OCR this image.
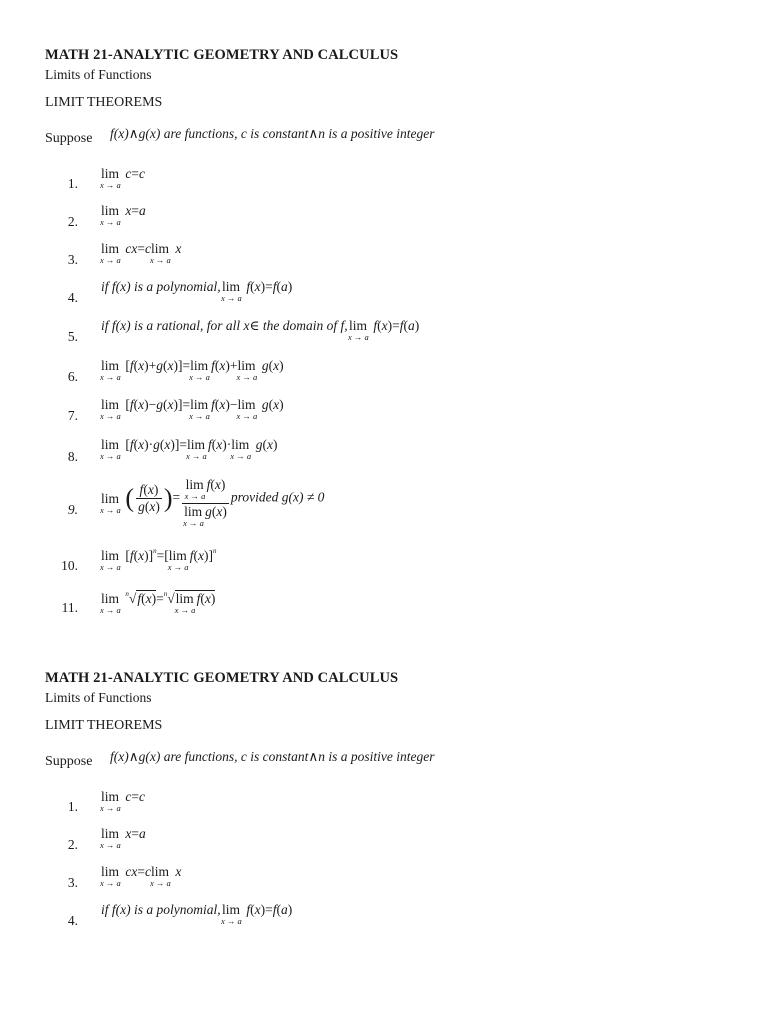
MATH 21-ANALYTIC GEOMETRY AND CALCULUS
Limits of Functions
LIMIT THEOREMS
Suppose f(x)∧g(x) are functions, c is constant∧n is a positive integer
1.
lim
x → a
c=c
2.
lim
x → a
x=a
3.
lim
x → a
cx=clim
x → a
x
4.
if f(x) is a polynomial, lim
x → a
f(x)=f(a)
5.
if f(x) is a rational, for all x∈ the domain of f, lim
x → a
f(x)=f(a)
6.
lim
x → a
[f(x)+g(x)]=lim
x → a
f(x)+lim
x → a
g(x)
7.
lim
x → a
[f(x)−g(x)]=lim
x → a
f(x)−lim
x → a
g(x)
8.
lim
x → a
[f(x)·g(x)]=lim
x → a
f(x)·lim
x → a
g(x)
9.
lim
x → a ( $\frac{f(x)}{g(x)}$ )= lim
x → a
f(x)
lim
x → a
g(x) provided g(x) ≠ 0
10.
lim
x → a
$[f(x)]^n=[\lim$
x → a
f(x)]$^n$
11.
lim
x → a
$^n$√f(x)=$^n$√lim
x → a
f(x)
MATH 21-ANALYTIC GEOMETRY AND CALCULUS
Limits of Functions
LIMIT THEOREMS
Suppose f(x)∧g(x) are functions, c is constant∧n is a positive integer
1.
lim
x → a
c=c
2.
lim
x → a
x=a
3.
lim
x → a
cx=clim
x → a
x
4.
if f(x) is a polynomial, lim
x → a
f(x)=f(a)
